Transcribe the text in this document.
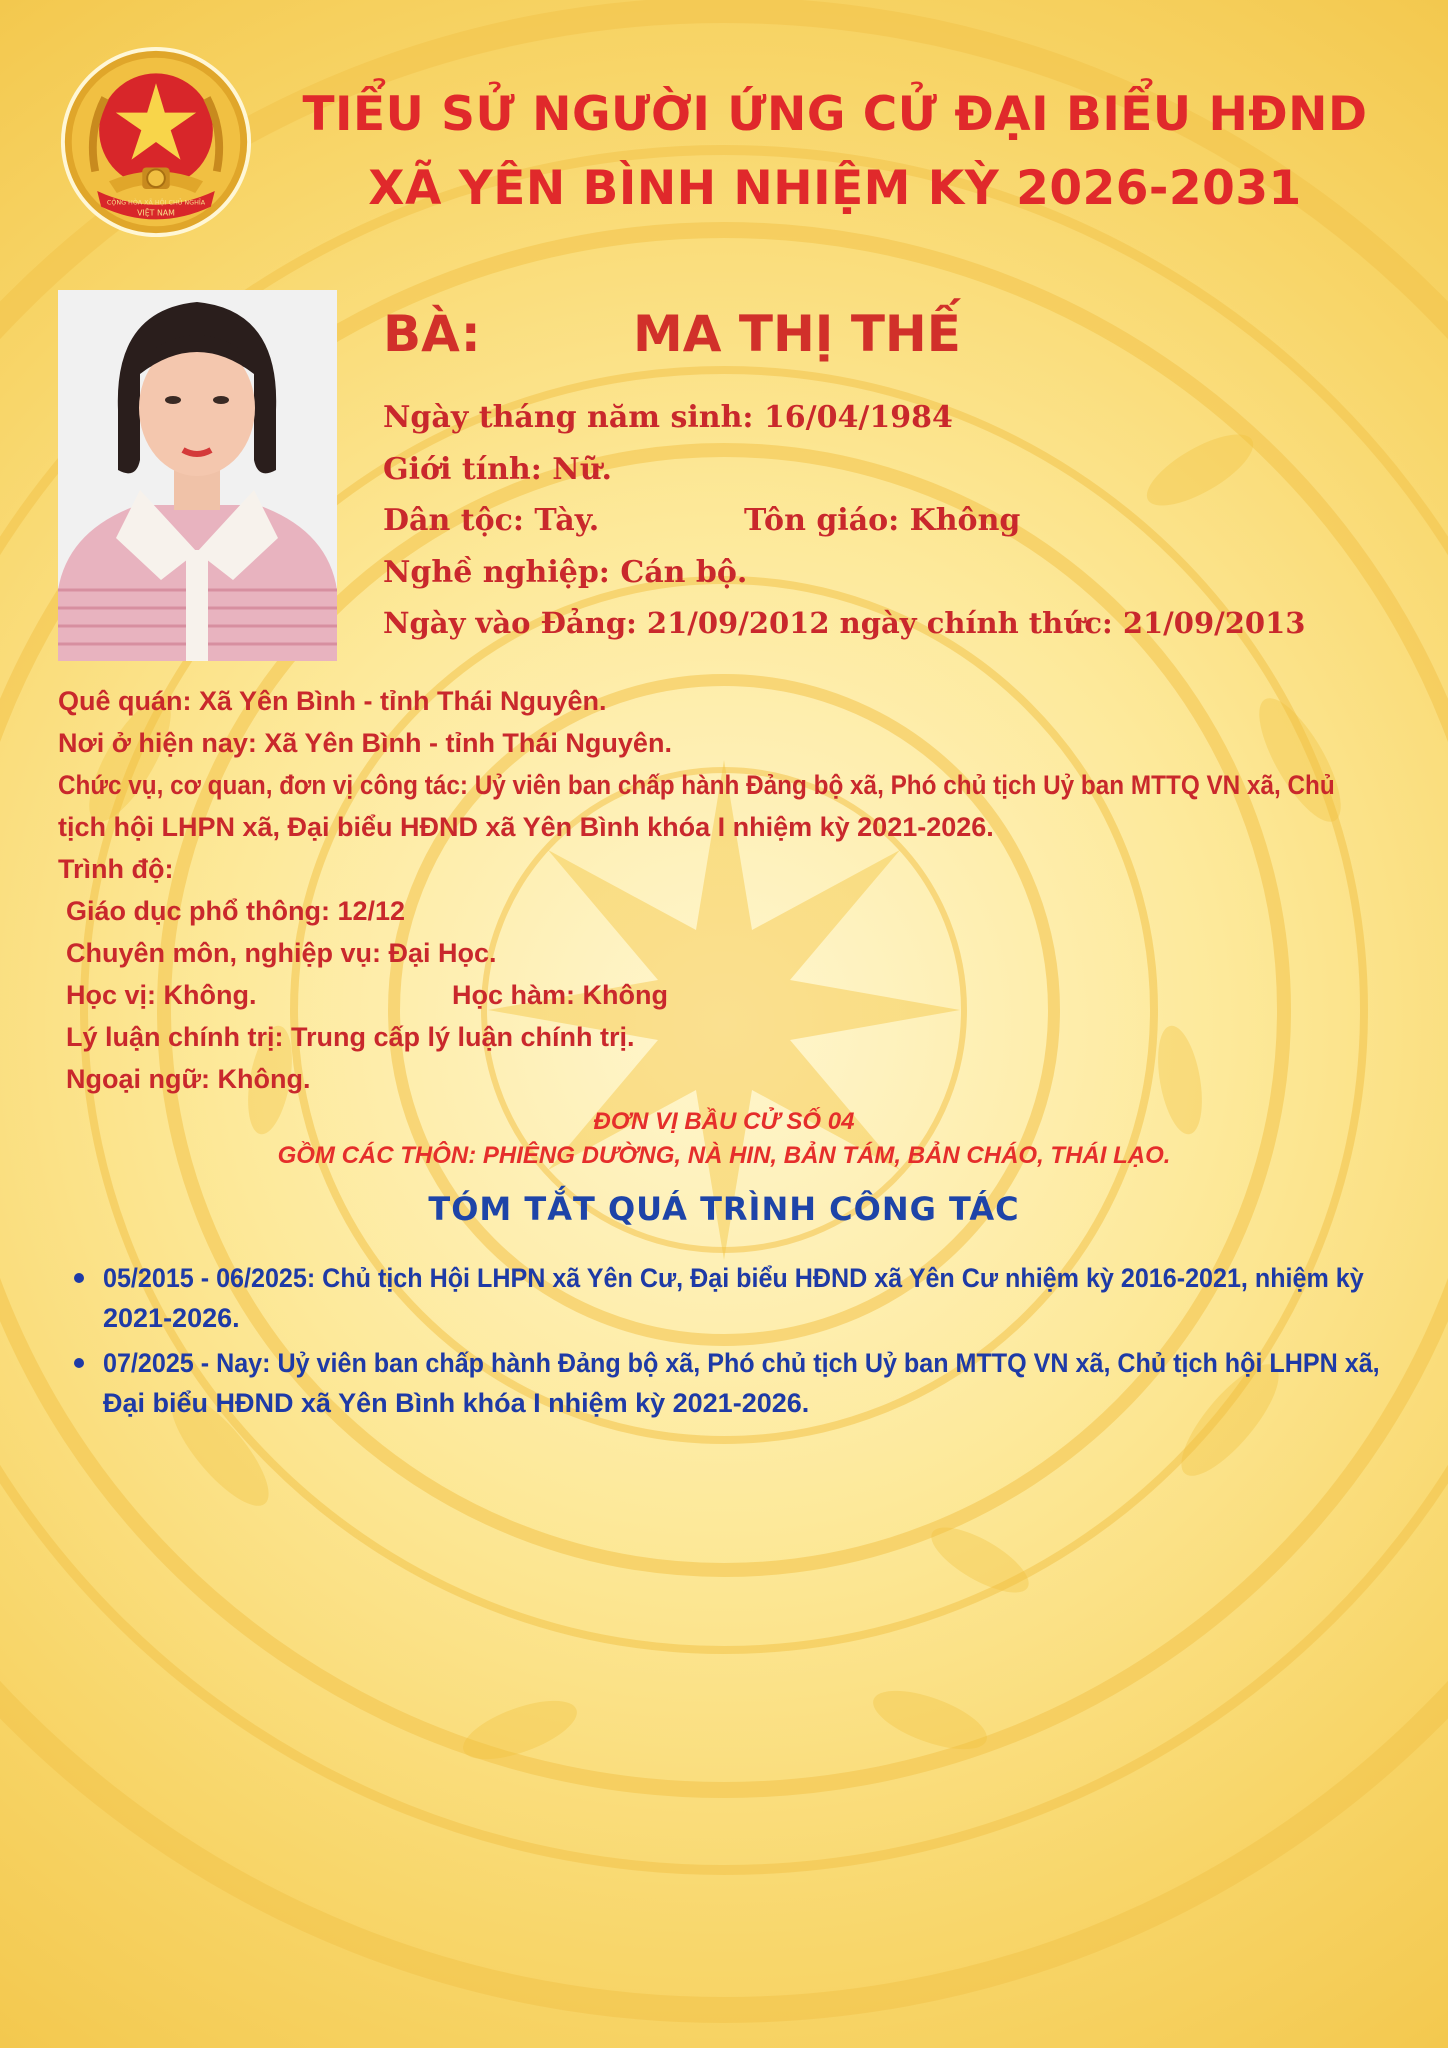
CỘNG HÒA XÃ HỘI CHỦ NGHĨA
VIỆT NAM
TIỂU SỬ NGƯỜI ỨNG CỬ ĐẠI BIỂU HĐND
XÃ YÊN BÌNH NHIỆM KỲ 2026-2031
BÀ:	MA THỊ THẾ
Ngày tháng năm sinh: 16/04/1984
Giới tính: Nữ.
Dân tộc: Tày.	Tôn giáo: Không
Nghề nghiệp: Cán bộ.
Ngày vào Đảng: 21/09/2012 ngày chính thức: 21/09/2013
Quê quán: Xã Yên Bình - tỉnh Thái Nguyên.
Nơi ở hiện nay: Xã Yên Bình - tỉnh Thái Nguyên.
Chức vụ, cơ quan, đơn vị công tác: Uỷ viên ban chấp hành Đảng bộ xã, Phó chủ tịch Uỷ ban MTTQ VN xã, Chủ
tịch hội LHPN xã, Đại biểu HĐND xã Yên Bình khóa I nhiệm kỳ 2021-2026.
Trình độ:
Giáo dục phổ thông: 12/12
Chuyên môn, nghiệp vụ: Đại Học.
Học vị: Không.	Học hàm: Không
Lý luận chính trị: Trung cấp lý luận chính trị.
Ngoại ngữ: Không.
ĐƠN VỊ BẦU CỬ SỐ 04
GỒM CÁC THÔN: PHIÊNG DƯỜNG, NÀ HIN, BẢN TÁM, BẢN CHÁO, THÁI LẠO.
TÓM TẮT QUÁ TRÌNH CÔNG TÁC
05/2015 - 06/2025: Chủ tịch Hội LHPN xã Yên Cư, Đại biểu HĐND xã Yên Cư nhiệm kỳ 2016-2021, nhiệm kỳ
2021-2026.
07/2025 - Nay: Uỷ viên ban chấp hành Đảng bộ xã, Phó chủ tịch Uỷ ban MTTQ VN xã, Chủ tịch hội LHPN xã,
Đại biểu HĐND xã Yên Bình khóa I nhiệm kỳ 2021-2026.
